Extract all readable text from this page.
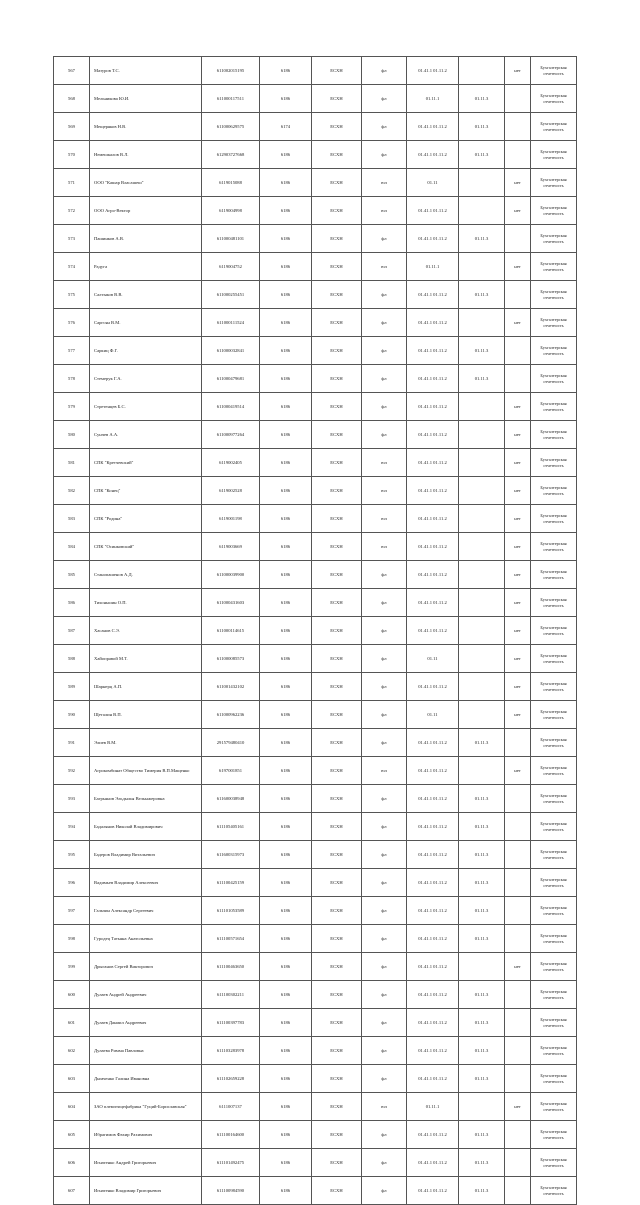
567	Мазуров Т.С.	611002015195	6186	ЕСХН	фл	01.41.1 01.11.2		нет	Бухгалтерская отчетность
568	Мельникова Ю.И.	611000117511	6186	ЕСХН	фл	01.11.1	01.11.3		Бухгалтерская отчетность
569	Мещеряков Н.В.	611000629575	6174	ЕСХН	фл	01.41.1 01.11.2	01.11.3		Бухгалтерская отчетность
570	Немешкалов В.Л.	612903727668	6186	ЕСХН	фл	01.41.1 01.11.2	01.11.3		Бухгалтерская отчетность
571	ООО "Кашар Власашеш"	6119015088	6186	ЕСХН	юл	01.11		нет	Бухгалтерская отчетность
572	ООО Агро-Вектор	6119004998	6186	ЕСХН	юл	01.41.1 01.11.2		нет	Бухгалтерская отчетность
573	Пашинков А.В.	611000481101	6186	ЕСХН	фл	01.41.1 01.11.2	01.11.3		Бухгалтерская отчетность
574	Радуга	6119004752	6186	ЕСХН	юл	01.11.1		нет	Бухгалтерская отчетность
575	Салтыков В.В.	611000255451	6186	ЕСХН	фл	01.41.1 01.11.2	01.11.3		Бухгалтерская отчетность
576	Саргсян В.М.	611000111524	6186	ЕСХН	фл	01.41.1 01.11.2		нет	Бухгалтерская отчетность
577	Саркиц Ф.Г.	611000032841	6186	ЕСХН	фл	01.41.1 01.11.2	01.11.3		Бухгалтерская отчетность
578	Стемерук Г.А.	611000479681	6186	ЕСХН	фл	01.41.1 01.11.2	01.11.3		Бухгалтерская отчетность
579	Стретенцев Б.С.	611000419514	6186	ЕСХН	фл	01.41.1 01.11.2		нет	Бухгалтерская отчетность
580	Сунчев А.А.	611000977264	6186	ЕСХН	фл	01.41.1 01.11.2		нет	Бухгалтерская отчетность
581	СПК "Кретчевский"	6119002405	6186	ЕСХН	юл	01.41.1 01.11.2		нет	Бухгалтерская отчетность
582	СПК "Конец"	6119002528	6186	ЕСХН	юл	01.41.1 01.11.2		нет	Бухгалтерская отчетность
583	СПК "Родина"	6119001198	6186	ЕСХН	юл	01.41.1 01.11.2		нет	Бухгалтерская отчетность
584	СПК "Осинковский"	6119003669	6186	ЕСХН	юл	01.41.1 01.11.2		нет	Бухгалтерская отчетность
585	Станопашенов А.Д.	611000039900	6186	ЕСХН	фл	01.41.1 01.11.2		нет	Бухгалтерская отчетность
586	Тихоньшин О.П.	611000431603	6186	ЕСХН	фл	01.41.1 01.11.2		нет	Бухгалтерская отчетность
587	Хасанов С.Э.	611000114615	6186	ЕСХН	фл	01.41.1 01.11.2		нет	Бухгалтерская отчетность
588	Хайоправой М.Т.	611000085573	6186	ЕСХН	фл	01.11		нет	Бухгалтерская отчетность
589	Шарнерц А.П.	611001432102	6186	ЕСХН	фл	01.41.1 01.11.2		нет	Бухгалтерская отчетность
590	Щеталин В.П.	611000962236	6186	ЕСХН	фл	01.11		нет	Бухгалтерская отчетность
591	Элиев В.М.	291579480410	6186	ЕСХН	фл	01.41.1 01.11.2	01.11.3		Бухгалтерская отчетность
592	Агрокомбинат Общество Тимерия В.П.Мащенко	6197001851	6186	ЕСХН	юл	01.41.1 01.11.2		нет	Бухгалтерская отчетность
593	Багрьянов Эльдылья Вельыжеровна	611600038948	6186	ЕСХН	фл	01.41.1 01.11.2	01.11.3		Бухгалтерская отчетность
594	Бадалянов Николай Владимирович	611105405161	6186	ЕСХН	фл	01.41.1 01.11.2	01.11.3		Бухгалтерская отчетность
595	Бадеров Владимир Витальевич	611600315973	6186	ЕСХН	фл	01.41.1 01.11.2	01.11.3		Бухгалтерская отчетность
596	Вадимьев Владимир Алексеевич	611100425159	6186	ЕСХН	фл	01.41.1 01.11.2	01.11.3		Бухгалтерская отчетность
597	Гальчин Александр Сергеевич	611101053589	6186	ЕСХН	фл	01.41.1 01.11.2	01.11.3		Бухгалтерская отчетность
598	Гуродец Татьяна Анатольевна	611100571654	6186	ЕСХН	фл	01.41.1 01.11.2	01.11.3		Бухгалтерская отчетность
599	Дрыганов Сергей Викторович	611100463650	6186	ЕСХН	фл	01.41.1 01.11.2		нет	Бухгалтерская отчетность
600	Дулаев Андрей Андреевич	611100302211	6186	ЕСХН	фл	01.41.1 01.11.2	01.11.3		Бухгалтерская отчетность
601	Дулаев Даниил Андреевич	611100397783	6186	ЕСХН	фл	01.41.1 01.11.2	01.11.3		Бухгалтерская отчетность
602	Дулаева Римма Павловна	611103283978	6186	ЕСХН	фл	01.41.1 01.11.2	01.11.3		Бухгалтерская отчетность
603	Дымченко Галина Ивановна	611102659228	6186	ЕСХН	фл	01.41.1 01.11.2	01.11.3		Бухгалтерская отчетность
604	ЗАО племптицефабрика "Гуций-Бориславская"	6111007137	6186	ЕСХН	юл	01.11.1		нет	Бухгалтерская отчетность
605	Ибрагимов Фахир Рахимович	611100164600	6186	ЕСХН	фл	01.41.1 01.11.2	01.11.3		Бухгалтерская отчетность
606	Игнатенко Андрей Григорьевич	611101492475	6186	ЕСХН	фл	01.41.1 01.11.2	01.11.3		Бухгалтерская отчетность
607	Игнатенко Владимир Григорьевич	611100984590	6186	ЕСХН	фл	01.41.1 01.11.2	01.11.3		Бухгалтерская отчетность
